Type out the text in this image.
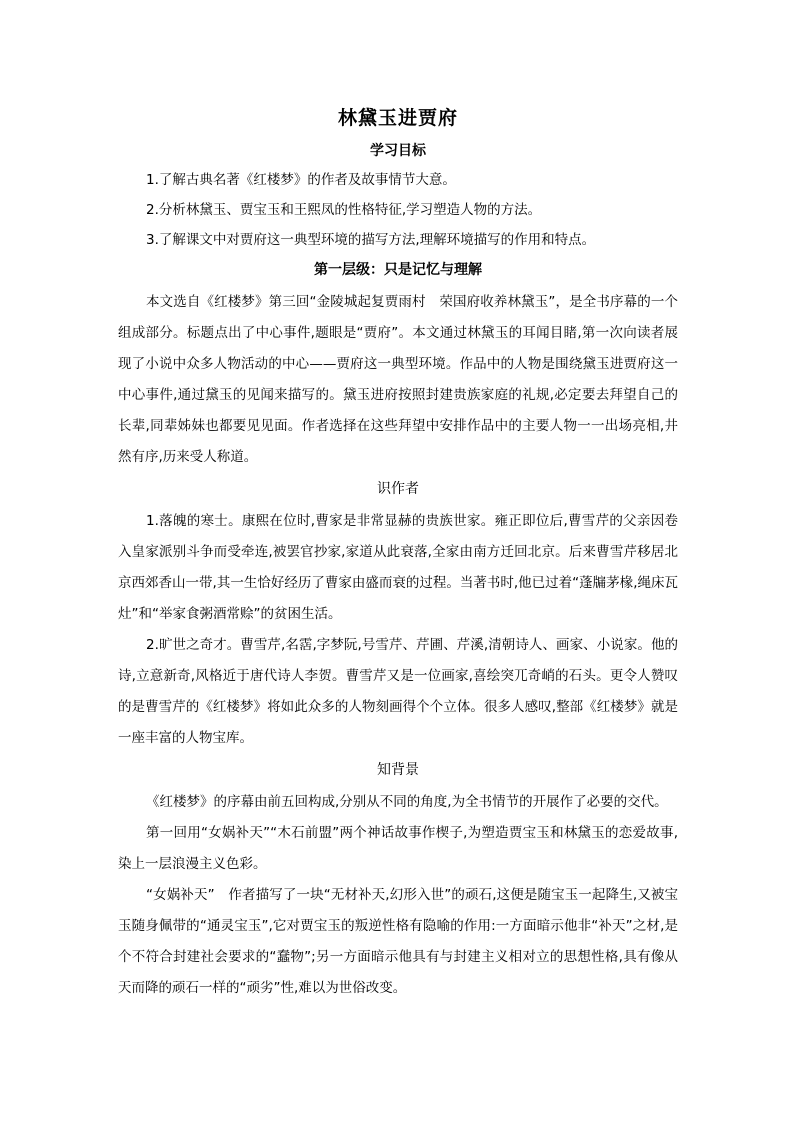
林黛玉进贾府
学习目标

1.了解古典名著《红楼梦》的作者及故事情节大意。

2.分析林黛玉、贾宝玉和王熙凤的性格特征,学习塑造人物的方法。

3.了解课文中对贾府这一典型环境的描写方法,理解环境描写的作用和特点。

第一层级：只是记忆与理解

本文选自《红楼梦》第三回“金陵城起复贾雨村　荣国府收养林黛玉”，是全书序幕的一个组成部分。标题点出了中心事件,题眼是“贾府”。本文通过林黛玉的耳闻目睹,第一次向读者展现了小说中众多人物活动的中心——贾府这一典型环境。作品中的人物是围绕黛玉进贾府这一中心事件,通过黛玉的见闻来描写的。黛玉进府按照封建贵族家庭的礼规,必定要去拜望自己的长辈,同辈姊妹也都要见见面。作者选择在这些拜望中安排作品中的主要人物一一出场亮相,井然有序,历来受人称道。

识作者

1.落魄的寒士。康熙在位时,曹家是非常显赫的贵族世家。雍正即位后,曹雪芹的父亲因卷入皇家派别斗争而受牵连,被罢官抄家,家道从此衰落,全家由南方迁回北京。后来曹雪芹移居北京西郊香山一带,其一生恰好经历了曹家由盛而衰的过程。当著书时,他已过着“蓬牖茅椽,绳床瓦灶”和“举家食粥酒常赊”的贫困生活。

2.旷世之奇才。曹雪芹,名霑,字梦阮,号雪芹、芹圃、芹溪,清朝诗人、画家、小说家。他的诗,立意新奇,风格近于唐代诗人李贺。曹雪芹又是一位画家,喜绘突兀奇峭的石头。更令人赞叹的是曹雪芹的《红楼梦》将如此众多的人物刻画得个个立体。很多人感叹,整部《红楼梦》就是一座丰富的人物宝库。

知背景

《红楼梦》的序幕由前五回构成,分别从不同的角度,为全书情节的开展作了必要的交代。

第一回用“女娲补天”“木石前盟”两个神话故事作楔子,为塑造贾宝玉和林黛玉的恋爱故事,染上一层浪漫主义色彩。

“女娲补天”　作者描写了一块“无材补天,幻形入世”的顽石,这便是随宝玉一起降生,又被宝玉随身佩带的“通灵宝玉”,它对贾宝玉的叛逆性格有隐喻的作用:一方面暗示他非“补天”之材,是个不符合封建社会要求的“蠢物”;另一方面暗示他具有与封建主义相对立的思想性格,具有像从天而降的顽石一样的“顽劣”性,难以为世俗改变。
